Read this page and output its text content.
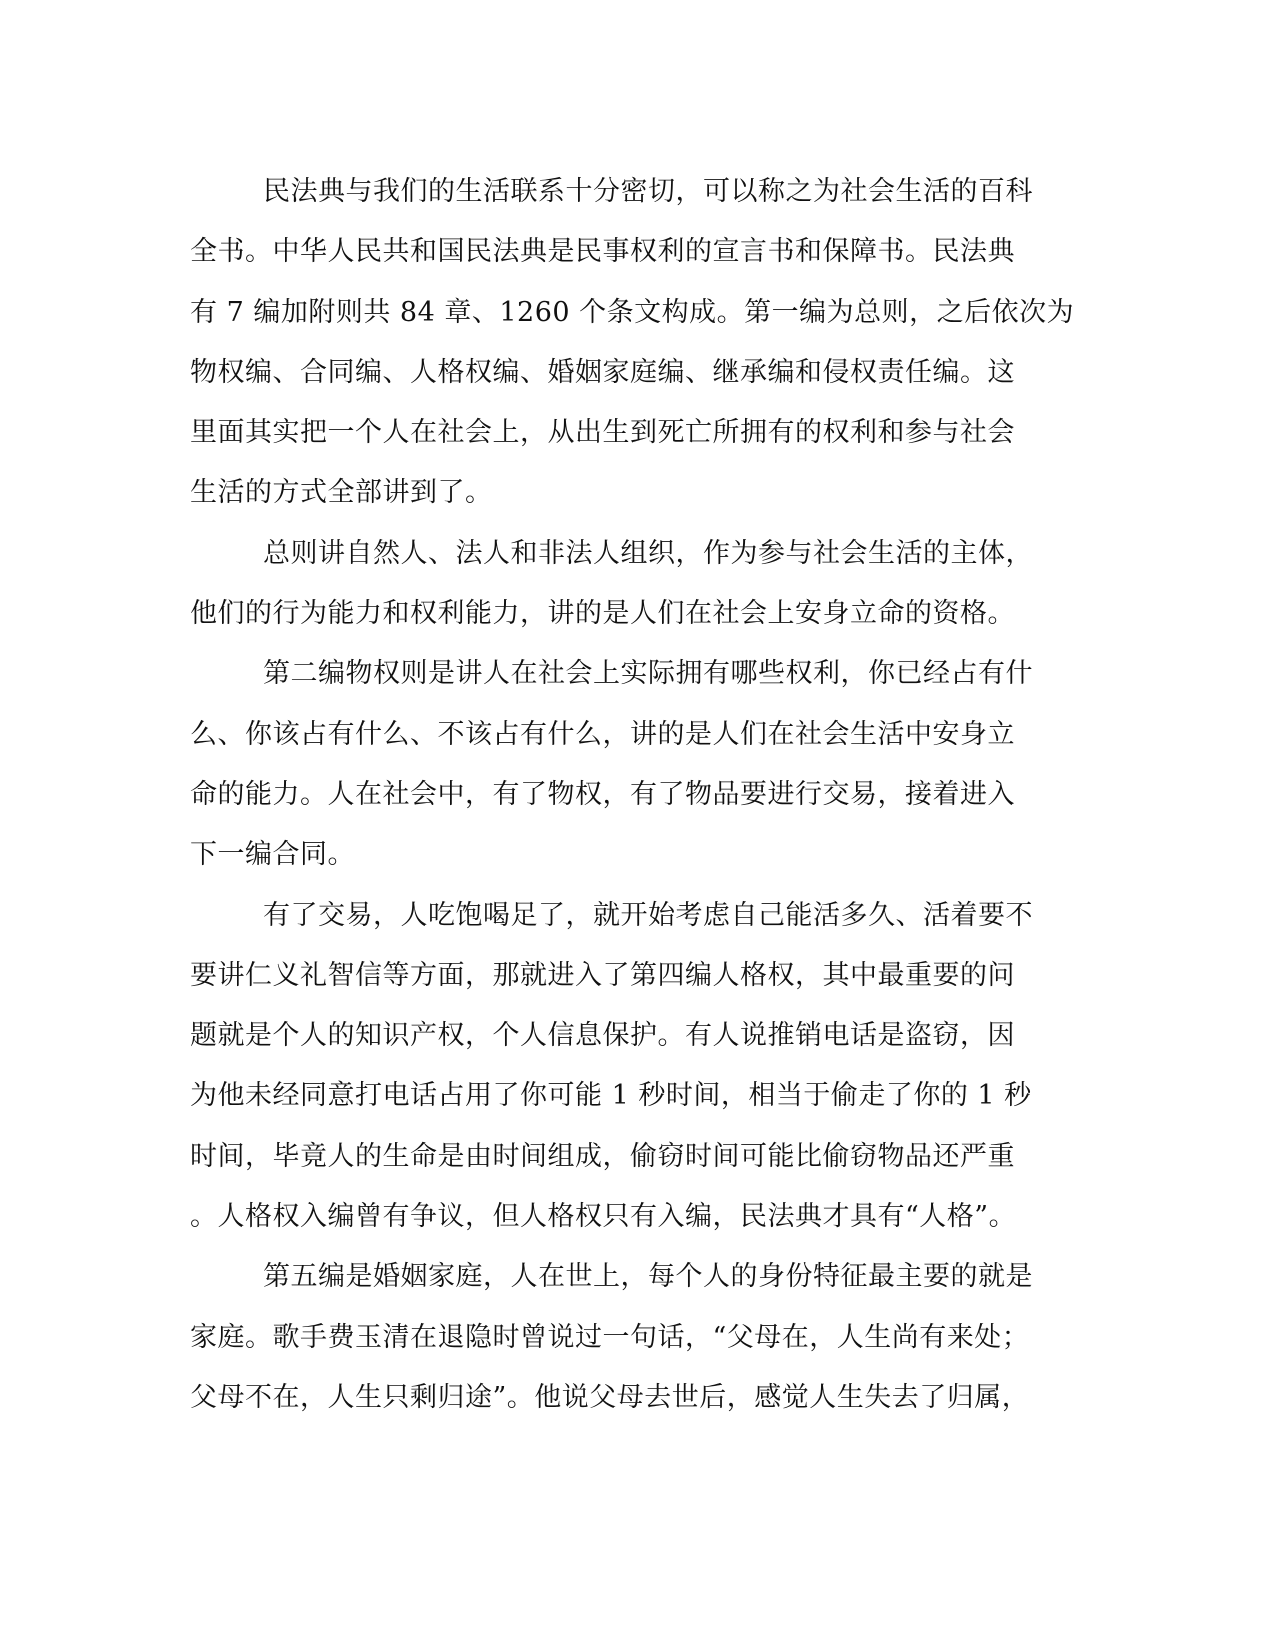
民法典与我们的生活联系十分密切，可以称之为社会生活的百科
全书。中华人民共和国民法典是民事权利的宣言书和保障书。民法典
有 7 编加附则共 84 章、1260 个条文构成。第一编为总则，之后依次为
物权编、合同编、人格权编、婚姻家庭编、继承编和侵权责任编。这
里面其实把一个人在社会上，从出生到死亡所拥有的权利和参与社会
生活的方式全部讲到了。
总则讲自然人、法人和非法人组织，作为参与社会生活的主体，
他们的行为能力和权利能力，讲的是人们在社会上安身立命的资格。
第二编物权则是讲人在社会上实际拥有哪些权利，你已经占有什
么、你该占有什么、不该占有什么，讲的是人们在社会生活中安身立
命的能力。人在社会中，有了物权，有了物品要进行交易，接着进入
下一编合同。
有了交易，人吃饱喝足了，就开始考虑自己能活多久、活着要不
要讲仁义礼智信等方面，那就进入了第四编人格权，其中最重要的问
题就是个人的知识产权，个人信息保护。有人说推销电话是盗窃，因
为他未经同意打电话占用了你可能 1 秒时间，相当于偷走了你的 1 秒
时间，毕竟人的生命是由时间组成，偷窃时间可能比偷窃物品还严重
。人格权入编曾有争议，但人格权只有入编，民法典才具有“人格”。
第五编是婚姻家庭，人在世上，每个人的身份特征最主要的就是
家庭。歌手费玉清在退隐时曾说过一句话，“父母在，人生尚有来处；
父母不在，人生只剩归途”。他说父母去世后，感觉人生失去了归属，
